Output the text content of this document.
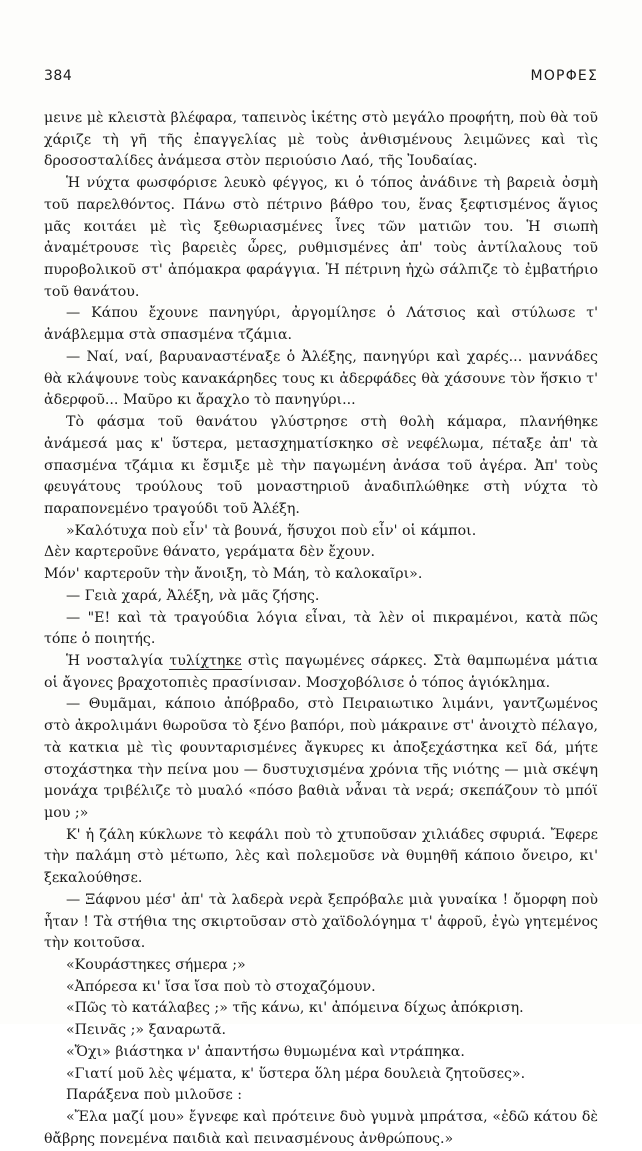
384	ΜΟΡΦΕΣ

μεινε μὲ κλειστὰ βλέφαρα, ταπεινὸς ἱκέτης στὸ μεγάλο προφήτη, ποὺ θὰ τοῦ χάριζε τὴ γῆ τῆς ἐπαγγελίας μὲ τοὺς ἀνθισμένους λειμῶνες καὶ τὶς δροσοσταλίδες ἀνάμεσα στὸν περιούσιο Λαό, τῆς Ἰουδαίας.

Ἡ νύχτα φωσφόρισε λευκὸ φέγγος, κι ὁ τόπος ἀνάδινε τὴ βαρειὰ ὀσμὴ τοῦ παρελθόντος. Πάνω στὸ πέτρινο βάθρο του, ἕνας ξεφτισμένος ἅγιος μᾶς κοιτάει μὲ τὶς ξεθωριασμένες ἶνες τῶν ματιῶν του. Ἡ σιωπὴ ἀναμέτρουσε τὶς βαρειὲς ὧρες, ρυθμισμένες ἀπ' τοὺς ἀντίλαλους τοῦ πυροβολικοῦ στ' ἀπόμακρα φαράγγια. Ἡ πέτρινη ἠχὼ σάλπιζε τὸ ἐμβατήριο τοῦ θανάτου.

— Κάπου ἔχουνε πανηγύρι, ἀργομίλησε ὁ Λάτσιος καὶ στύλωσε τ' ἀνάβλεμμα στὰ σπασμένα τζάμια.

— Ναί, ναί, βαρυαναστέναξε ὁ Ἀλέξης, πανηγύρι καὶ χαρές... μαννάδες θὰ κλάψουνε τοὺς κανακάρηδες τους κι ἀδερφάδες θὰ χάσουνε τὸν ἥσκιο τ' ἀδερφοῦ... Μαῦρο κι ἄραχλο τὸ πανηγύρι...

Τὸ φάσμα τοῦ θανάτου γλύστρησε στὴ θολὴ κάμαρα, πλανήθηκε ἀνάμεσά μας κ' ὕστερα, μετασχηματίσκηκο σὲ νεφέλωμα, πέταξε ἀπ' τὰ σπασμένα τζάμια κι ἔσμιξε μὲ τὴν παγωμένη ἀνάσα τοῦ ἀγέρα. Ἀπ' τοὺς φευγάτους τρούλους τοῦ μοναστηριοῦ ἀναδιπλώθηκε στὴ νύχτα τὸ παραπονεμένο τραγούδι τοῦ Ἀλέξη.

»Καλότυχα ποὺ εἶν' τὰ βουνά, ἥσυχοι ποὺ εἶν' οἱ κάμποι.

Δὲν καρτεροῦνε θάνατο, γεράματα δὲν ἔχουν.

Μόν' καρτεροῦν τὴν ἄνοιξη, τὸ Μάη, τὸ καλοκαῖρι».

— Γειὰ χαρά, Ἀλέξη, νὰ μᾶς ζήσης.

— "Ε! καὶ τὰ τραγούδια λόγια εἶναι, τὰ λὲν οἱ πικραμένοι, κατὰ πῶς τόπε ὁ ποιητής.

Ἡ νοσταλγία τυλίχτηκε στὶς παγωμένες σάρκες. Στὰ θαμπωμένα μάτια οἱ ἄγονες βραχοτοπιὲς πρασίνισαν. Μοσχοβόλισε ὁ τόπος ἁγιόκλημα.

— Θυμᾶμαι, κάποιο ἀπόβραδο, στὸ Πειραιωτικο λιμάνι, γαντζωμένος στὸ ἀκρολιμάνι θωροῦσα τὸ ξένο βαπόρι, ποὺ μάκραινε στ' ἀνοιχτὸ πέλαγο, τὰ κατκια μὲ τὶς φουνταρισμένες ἄγκυρες κι ἀποξεχάστηκα κεῖ δά, μήτε στοχάστηκα τὴν πείνα μου — δυστυχισμένα χρόνια τῆς νιότης — μιὰ σκέψη μονάχα τριβέλιζε τὸ μυαλό «πόσο βαθιὰ νἆναι τὰ νερά; σκεπάζουν τὸ μπόϊ μου ;»

Κ' ἡ ζάλη κύκλωνε τὸ κεφάλι ποὺ τὸ χτυποῦσαν χιλιάδες σφυριά. Ἔφερε τὴν παλάμη στὸ μέτωπο, λὲς καὶ πολεμοῦσε νὰ θυμηθῆ κάποιο ὄνειρο, κι' ξεκαλούθησε.

— Ξάφνου μέσ' ἀπ' τὰ λαδερὰ νερὰ ξεπρόβαλε μιὰ γυναίκα ! ὄμορφη ποὺ ἦταν ! Τὰ στήθια της σκιρτοῦσαν στὸ χαϊδολόγημα τ' ἀφροῦ, ἐγὼ γητεμένος τὴν κοιτοῦσα.

«Κουράστηκες σήμερα ;»

«Ἀπόρεσα κι' ἴσα ἴσα ποὺ τὸ στοχαζόμουν.

«Πῶς τὸ κατάλαβες ;» τῆς κάνω, κι' ἀπόμεινα δίχως ἀπόκριση.

«Πεινᾶς ;» ξαναρωτᾶ.

«Ὄχι» βιάστηκα ν' ἀπαντήσω θυμωμένα καὶ ντράπηκα.

«Γιατί μοῦ λὲς ψέματα, κ' ὕστερα ὅλη μέρα δουλειὰ ζητοῦσες».

Παράξενα ποὺ μιλοῦσε :

«Ἔλα μαζί μου» ἔγνεφε καὶ πρότεινε δυὸ γυμνὰ μπράτσα, «ἐδῶ κάτου δὲ θἄβρης πονεμένα παιδιὰ καὶ πεινασμένους ἀνθρώπους.»
